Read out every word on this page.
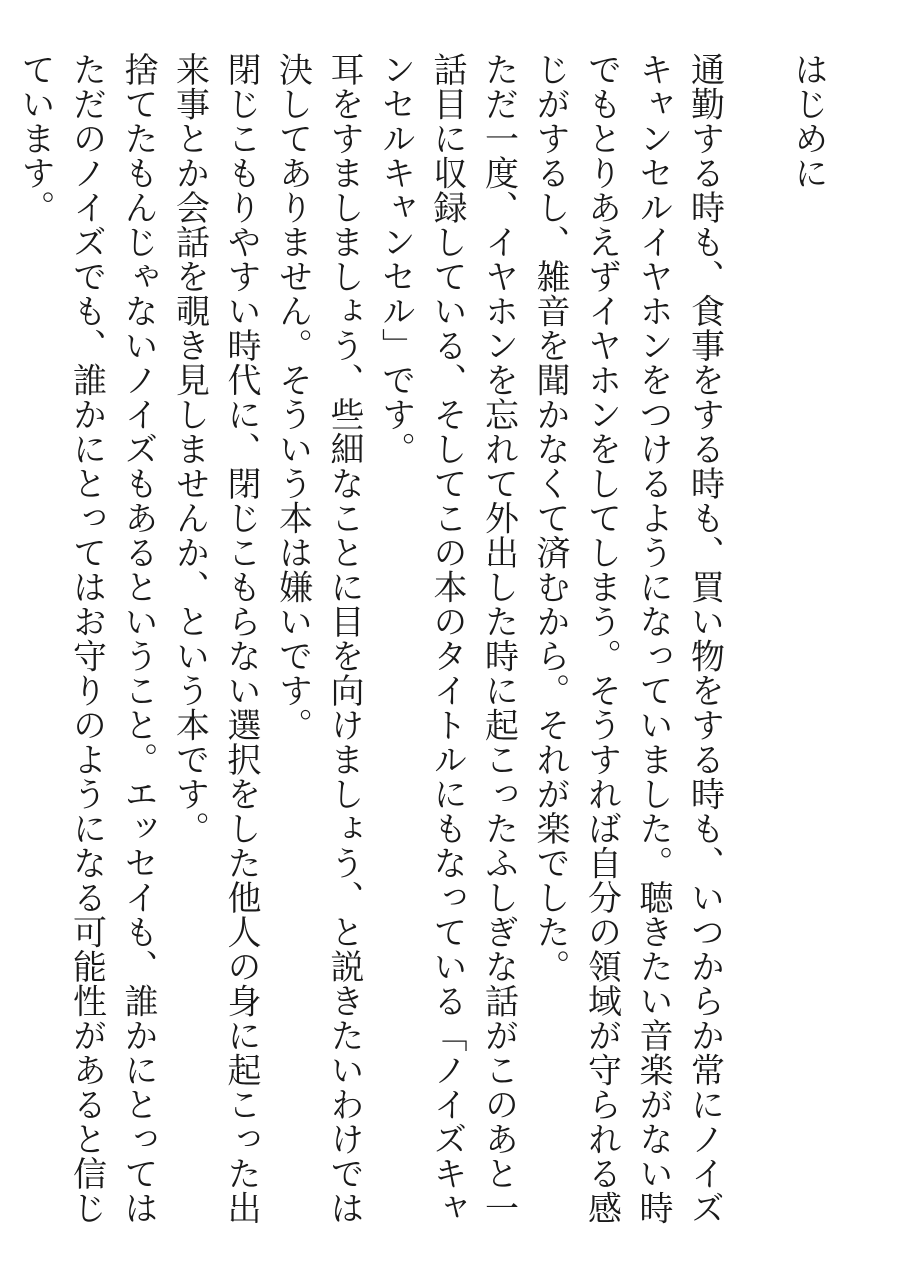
はじめに

通勤する時も、食事をする時も、買い物をする時も、いつからか常にノイズキャンセルイヤホンをつけるようになっていました。聴きたい音楽がない時でもとりあえずイヤホンをしてしまう。そうすれば自分の領域が守られる感じがするし、雑音を聞かなくて済むから。それが楽でした。

ただ一度、イヤホンを忘れて外出した時に起こったふしぎな話がこのあと一話目に収録している、そしてこの本のタイトルにもなっている「ノイズキャンセルキャンセル」です。

耳をすましましょう、些細なことに目を向けましょう、と説きたいわけでは決してありません。そういう本は嫌いです。

閉じこもりやすい時代に、閉じこもらない選択をした他人の身に起こった出来事とか会話を覗き見しませんか、という本です。

捨てたもんじゃないノイズもあるということ。エッセイも、誰かにとってはただのノイズでも、誰かにとってはお守りのようになる可能性があると信じています。
